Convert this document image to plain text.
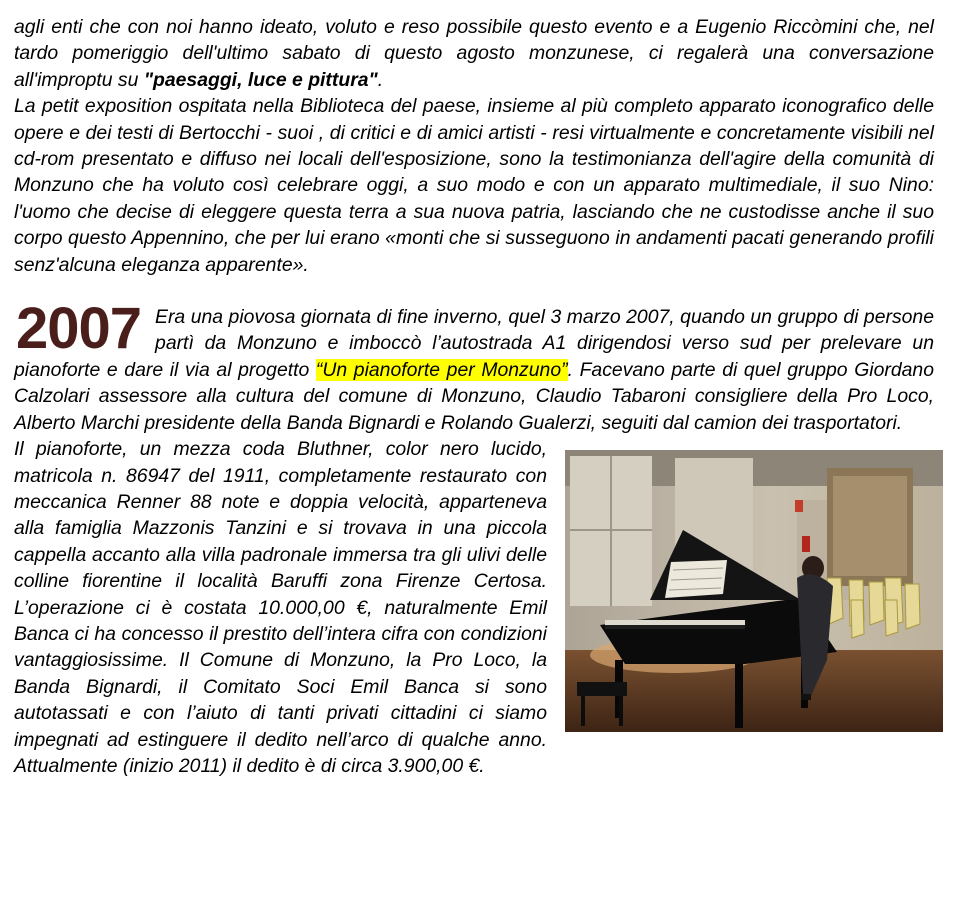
agli enti che con noi hanno ideato, voluto e reso possibile questo evento e a Eugenio Riccòmini che, nel tardo pomeriggio dell'ultimo sabato di questo agosto monzunese, ci regalerà una conversazione all'improptu su "paesaggi, luce e pittura".

La petit exposition ospitata nella Biblioteca del paese, insieme al più completo apparato iconografico delle opere e dei testi di Bertocchi - suoi , di critici e di amici artisti - resi virtualmente e concretamente visibili nel cd-rom presentato e diffuso nei locali dell'esposizione, sono la testimonianza dell'agire della comunità di Monzuno che ha voluto così celebrare oggi, a suo modo e con un apparato multimediale, il suo Nino: l'uomo che decise di eleggere questa terra a sua nuova patria, lasciando che ne custodisse anche il suo corpo questo Appennino, che per lui erano «monti che si susseguono in andamenti pacati generando profili senz'alcuna eleganza apparente».

2007 Era una piovosa giornata di fine inverno, quel 3 marzo 2007, quando un gruppo di persone partì da Monzuno e imboccò l’autostrada A1 dirigendosi verso sud per prelevare un pianoforte e dare il via al progetto “Un pianoforte per Monzuno”. Facevano parte di quel gruppo Giordano Calzolari assessore alla cultura del comune di Monzuno, Claudio Tabaroni consigliere della Pro Loco, Alberto Marchi presidente della Banda Bignardi e Rolando Gualerzi, seguiti dal camion dei trasportatori.

Il pianoforte, un mezza coda Bluthner, color nero lucido, matricola n. 86947 del 1911, completamente restaurato con meccanica Renner 88 note e doppia velocità, apparteneva alla famiglia Mazzonis Tanzini e si trovava in una piccola cappella accanto alla villa padronale immersa tra gli ulivi delle colline fiorentine il località Baruffi zona Firenze Certosa. L’operazione ci è costata 10.000,00 €, naturalmente Emil Banca ci ha concesso il prestito dell’intera cifra con condizioni vantaggiosissime. Il Comune di Monzuno, la Pro Loco, la Banda Bignardi, il Comitato Soci Emil Banca si sono autotassati e con l’aiuto di tanti privati cittadini ci siamo impegnati ad estinguere il dedito nell’arco di qualche anno. Attualmente (inizio 2011) il dedito è di circa 3.900,00 €.
